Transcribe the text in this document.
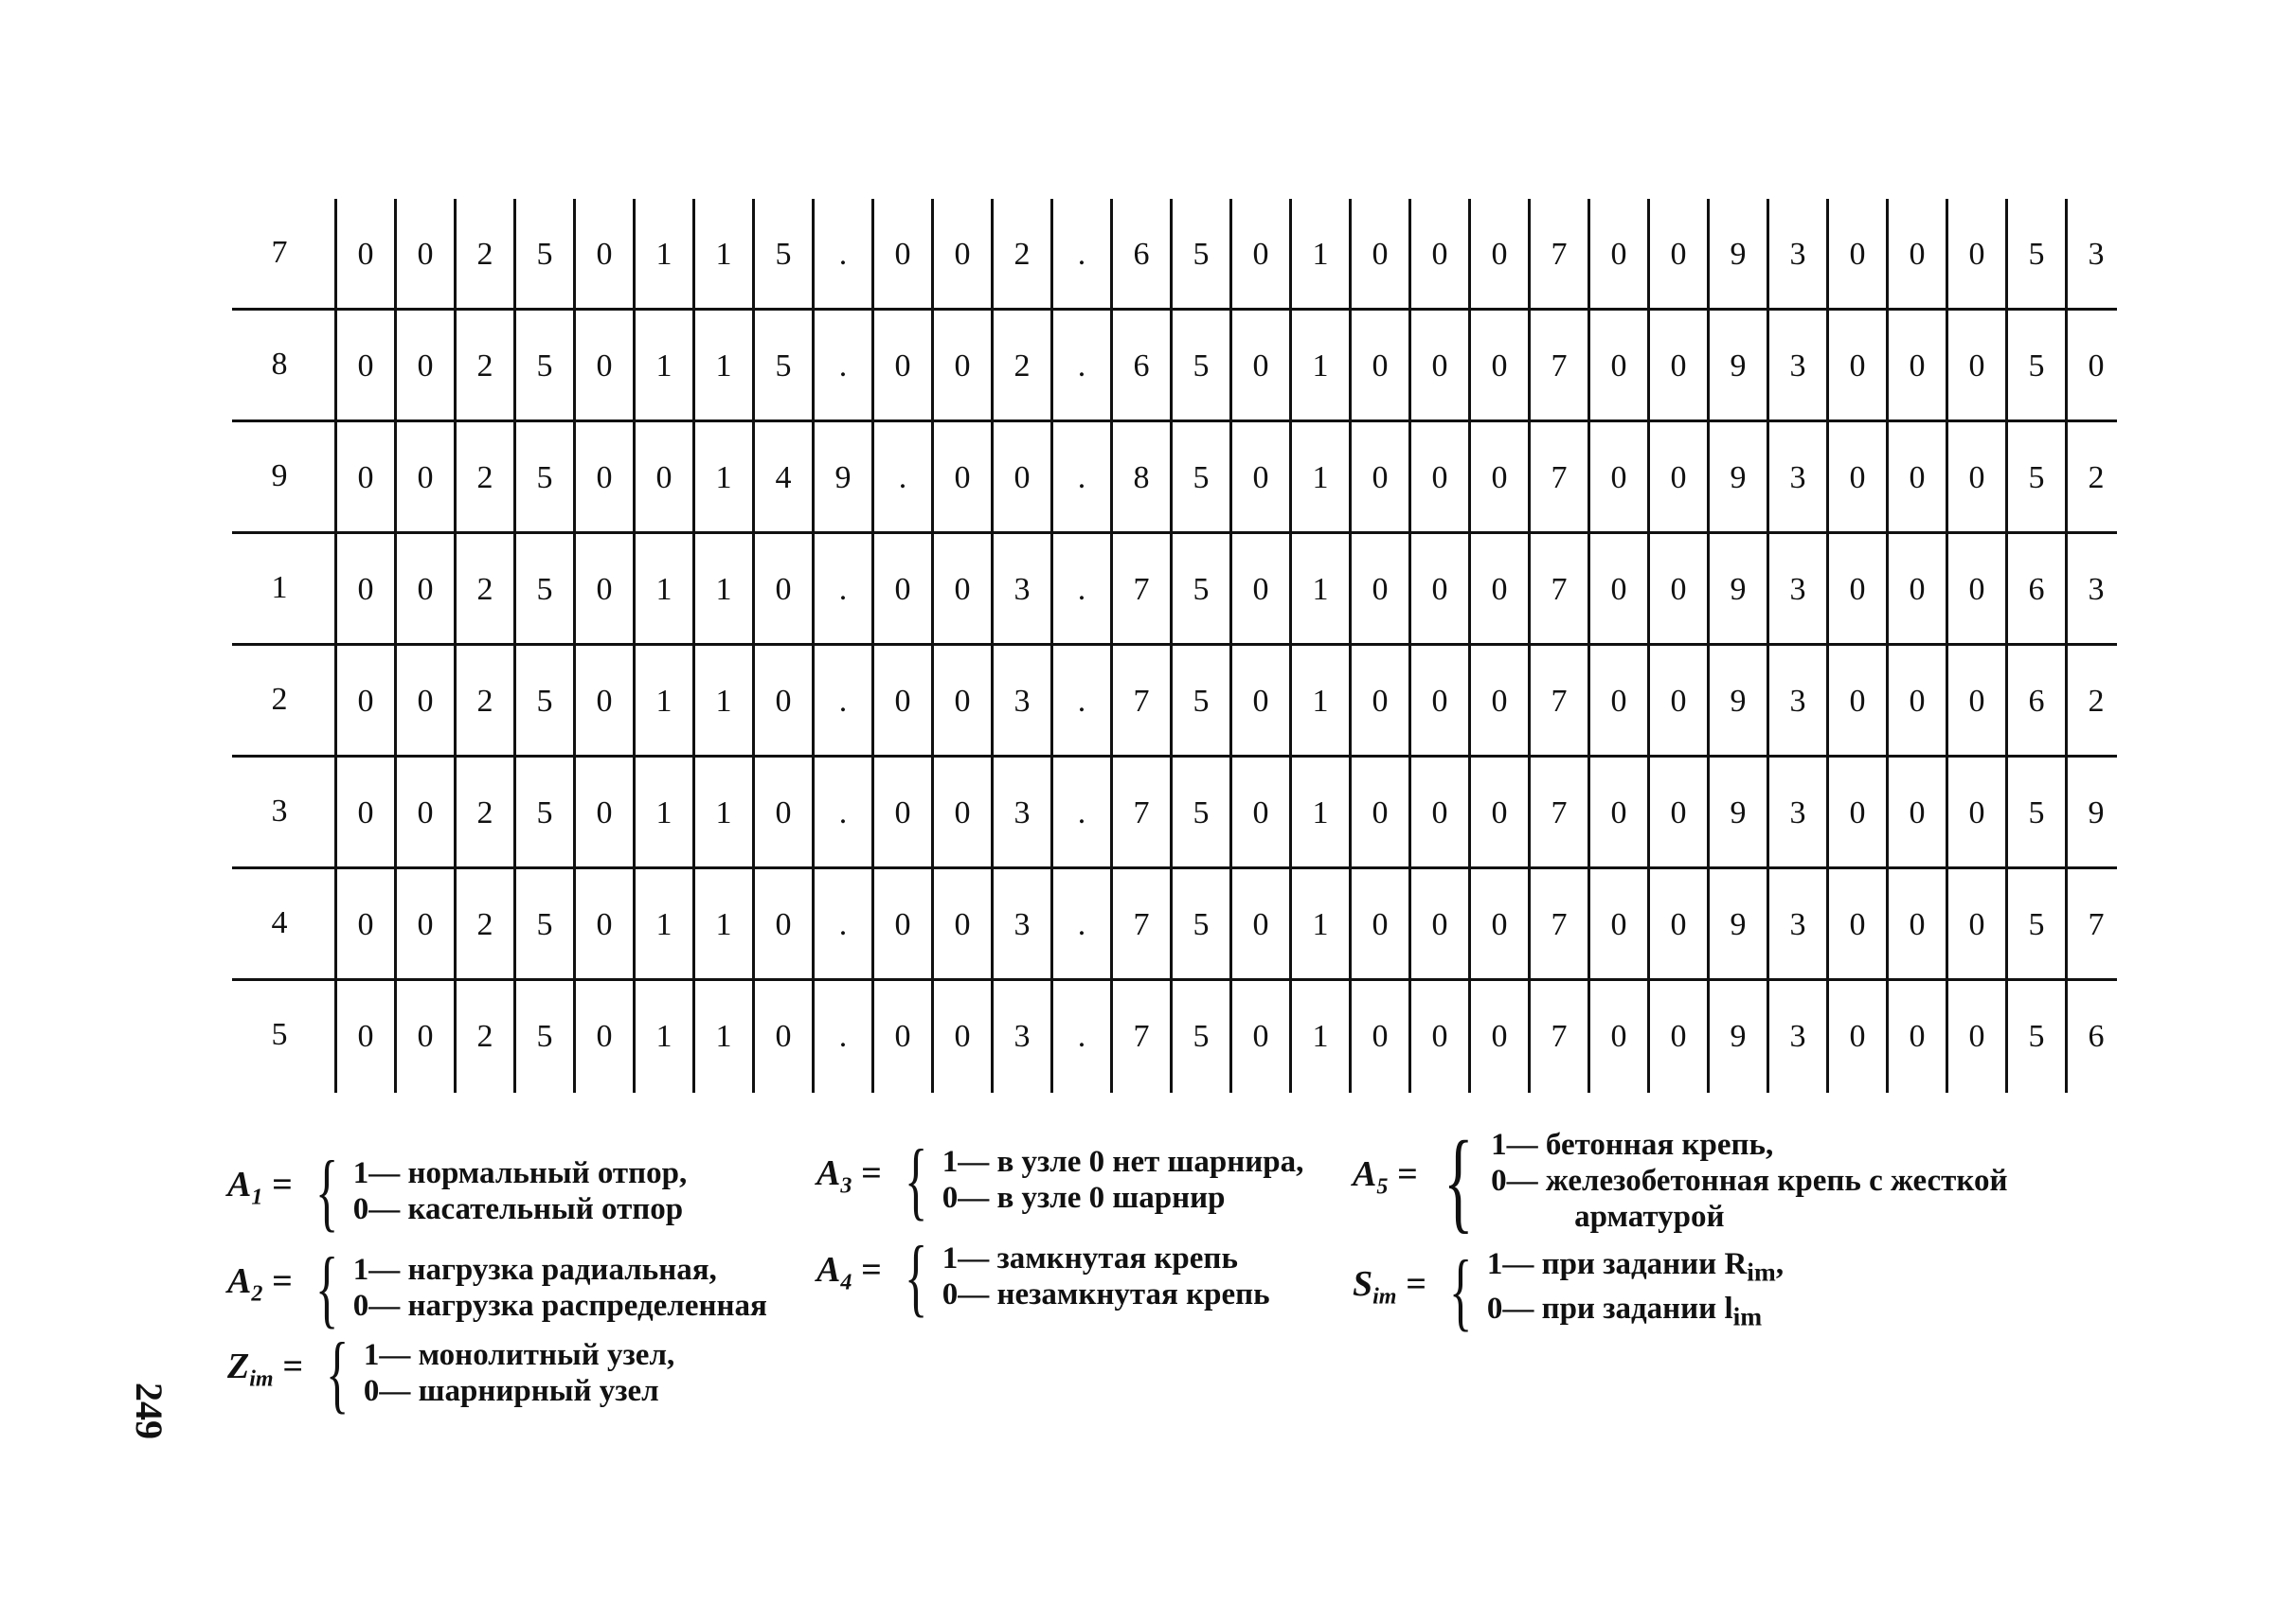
7	0	0	2	5	0	1	1	5	.	0	0	2	.	6	5	0	1	0	0	0	7	0	0	9	3	0	0	0	5	3
8	0	0	2	5	0	1	1	5	.	0	0	2	.	6	5	0	1	0	0	0	7	0	0	9	3	0	0	0	5	0
9	0	0	2	5	0	0	1	4	9	.	0	0	.	8	5	0	1	0	0	0	7	0	0	9	3	0	0	0	5	2
1	0	0	2	5	0	1	1	0	.	0	0	3	.	7	5	0	1	0	0	0	7	0	0	9	3	0	0	0	6	3
2	0	0	2	5	0	1	1	0	.	0	0	3	.	7	5	0	1	0	0	0	7	0	0	9	3	0	0	0	6	2
3	0	0	2	5	0	1	1	0	.	0	0	3	.	7	5	0	1	0	0	0	7	0	0	9	3	0	0	0	5	9
4	0	0	2	5	0	1	1	0	.	0	0	3	.	7	5	0	1	0	0	0	7	0	0	9	3	0	0	0	5	7
5	0	0	2	5	0	1	1	0	.	0	0	3	.	7	5	0	1	0	0	0	7	0	0	9	3	0	0	0	5	6
$A_1$ = { 1— нормальный отпор,
0— касательный отпор
$A_2$ = { 1— нагрузка радиальная,
0— нагрузка распределенная
$A_3$ = { 1— в узле 0 нет шарнира,
0— в узле 0 шарнир
$A_4$ = { 1— замкнутая крепь
0— незамкнутая крепь
$A_5$ = { 1— бетонная крепь,
0— железобетонная крепь с жесткой
арматурой
$S_{im}$ = { 1— при задании $R_{im}$,
0— при задании $l_{im}$
$Z_{im}$ = { 1— монолитный узел,
0— шарнирный узел
249
